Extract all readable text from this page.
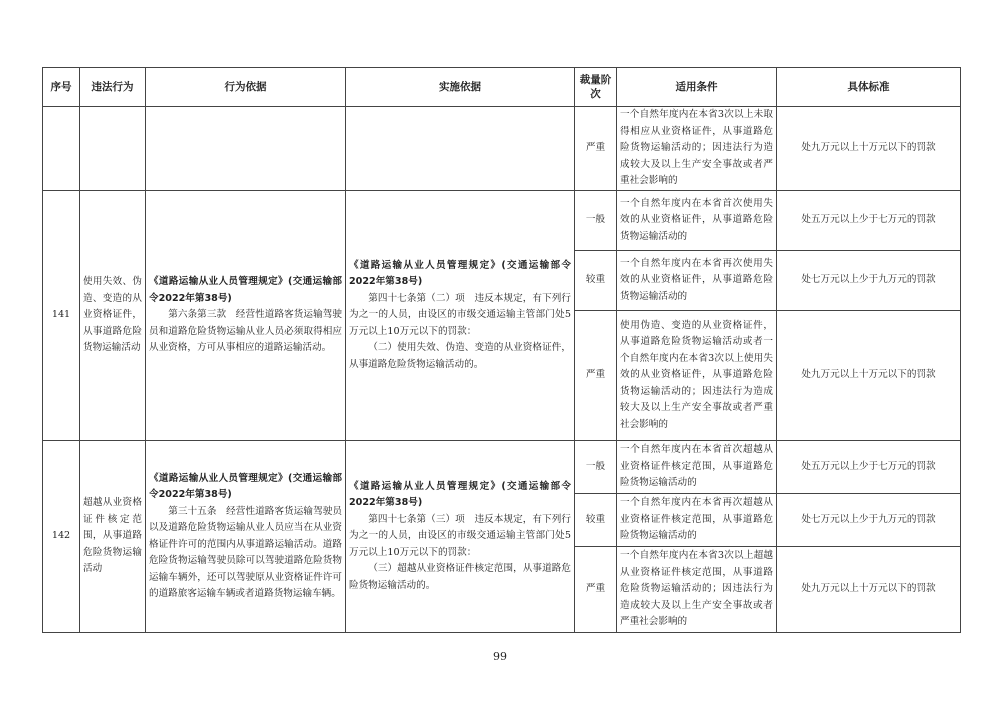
序号	违法行为	行为依据	实施依据	裁量阶次	适用条件	具体标准
				严重	一个自然年度内在本省3次以上未取得相应从业资格证件，从事道路危险货物运输活动的；因违法行为造成较大及以上生产安全事故或者严重社会影响的	处九万元以上十万元以下的罚款
141	使用失效、伪造、变造的从业资格证件，从事道路危险货物运输活动	《道路运输从业人员管理规定》(交通运输部令2022年第38号)
第六条第三款　经营性道路客货运输驾驶员和道路危险货物运输从业人员必须取得相应从业资格，方可从事相应的道路运输活动。	《道路运输从业人员管理规定》(交通运输部令2022年第38号)
第四十七条第（二）项　违反本规定，有下列行为之一的人员，由设区的市级交通运输主管部门处5万元以上10万元以下的罚款：
（二）使用失效、伪造、变造的从业资格证件，从事道路危险货物运输活动的。	一般	一个自然年度内在本省首次使用失效的从业资格证件，从事道路危险货物运输活动的	处五万元以上少于七万元的罚款
				较重	一个自然年度内在本省再次使用失效的从业资格证件，从事道路危险货物运输活动的	处七万元以上少于九万元的罚款
				严重	使用伪造、变造的从业资格证件，从事道路危险货物运输活动或者一个自然年度内在本省3次以上使用失效的从业资格证件，从事道路危险货物运输活动的；因违法行为造成较大及以上生产安全事故或者严重社会影响的	处九万元以上十万元以下的罚款
142	超越从业资格证件核定范围，从事道路危险货物运输活动	《道路运输从业人员管理规定》(交通运输部令2022年第38号)
第三十五条　经营性道路客货运输驾驶员以及道路危险货物运输从业人员应当在从业资格证件许可的范围内从事道路运输活动。道路危险货物运输驾驶员除可以驾驶道路危险货物运输车辆外，还可以驾驶原从业资格证件许可的道路旅客运输车辆或者道路货物运输车辆。	《道路运输从业人员管理规定》(交通运输部令2022年第38号)
第四十七条第（三）项　违反本规定，有下列行为之一的人员，由设区的市级交通运输主管部门处5万元以上10万元以下的罚款：
（三）超越从业资格证件核定范围，从事道路危险货物运输活动的。	一般	一个自然年度内在本省首次超越从业资格证件核定范围，从事道路危险货物运输活动的	处五万元以上少于七万元的罚款
				较重	一个自然年度内在本省再次超越从业资格证件核定范围，从事道路危险货物运输活动的	处七万元以上少于九万元的罚款
				严重	一个自然年度内在本省3次以上超越从业资格证件核定范围，从事道路危险货物运输活动的；因违法行为造成较大及以上生产安全事故或者严重社会影响的	处九万元以上十万元以下的罚款
99
